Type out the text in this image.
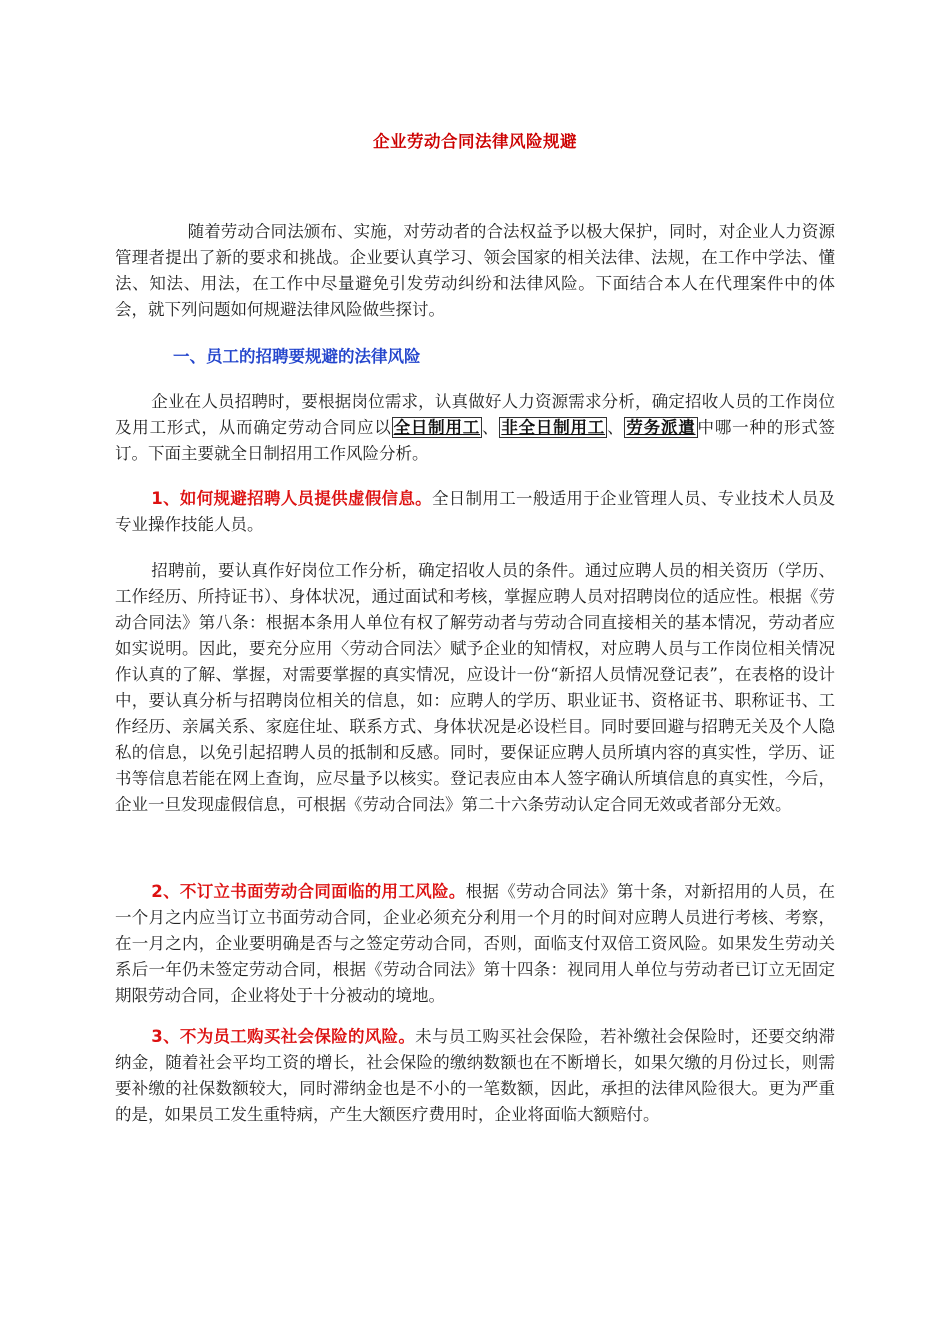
企业劳动合同法律风险规避

随着劳动合同法颁布、实施，对劳动者的合法权益予以极大保护，同时，对企业人力资源管理者提出了新的要求和挑战。企业要认真学习、领会国家的相关法律、法规，在工作中学法、懂法、知法、用法，在工作中尽量避免引发劳动纠纷和法律风险。下面结合本人在代理案件中的体会，就下列问题如何规避法律风险做些探讨。

一、员工的招聘要规避的法律风险

企业在人员招聘时，要根据岗位需求，认真做好人力资源需求分析，确定招收人员的工作岗位及用工形式，从而确定劳动合同应以 全日制用工 、 非全日制用工 、 劳务派遣 中哪一种的形式签订。下面主要就全日制招用工作风险分析。

1、如何规避招聘人员提供虚假信息。全日制用工一般适用于企业管理人员、专业技术人员及专业操作技能人员。

招聘前，要认真作好岗位工作分析，确定招收人员的条件。通过应聘人员的相关资历（学历、工作经历、所持证书）、身体状况，通过面试和考核，掌握应聘人员对招聘岗位的适应性。根据《劳动合同法》第八条：根据本条用人单位有权了解劳动者与劳动合同直接相关的基本情况，劳动者应如实说明。因此，要充分应用〈劳动合同法〉赋予企业的知情权，对应聘人员与工作岗位相关情况作认真的了解、掌握，对需要掌握的真实情况，应设计一份“新招人员情况登记表”，在表格的设计中，要认真分析与招聘岗位相关的信息，如：应聘人的学历、职业证书、资格证书、职称证书、工作经历、亲属关系、家庭住址、联系方式、身体状况是必设栏目。同时要回避与招聘无关及个人隐私的信息，以免引起招聘人员的抵制和反感。同时，要保证应聘人员所填内容的真实性，学历、证书等信息若能在网上查询，应尽量予以核实。登记表应由本人签字确认所填信息的真实性，今后，企业一旦发现虚假信息，可根据《劳动合同法》第二十六条劳动认定合同无效或者部分无效。

2、不订立书面劳动合同面临的用工风险。根据《劳动合同法》第十条，对新招用的人员，在一个月之内应当订立书面劳动合同，企业必须充分利用一个月的时间对应聘人员进行考核、考察，在一月之内，企业要明确是否与之签定劳动合同，否则，面临支付双倍工资风险。如果发生劳动关系后一年仍未签定劳动合同，根据《劳动合同法》第十四条：视同用人单位与劳动者已订立无固定期限劳动合同，企业将处于十分被动的境地。

3、不为员工购买社会保险的风险。未与员工购买社会保险，若补缴社会保险时，还要交纳滞纳金，随着社会平均工资的增长，社会保险的缴纳数额也在不断增长，如果欠缴的月份过长，则需要补缴的社保数额较大，同时滞纳金也是不小的一笔数额，因此，承担的法律风险很大。更为严重的是，如果员工发生重特病，产生大额医疗费用时，企业将面临大额赔付。
